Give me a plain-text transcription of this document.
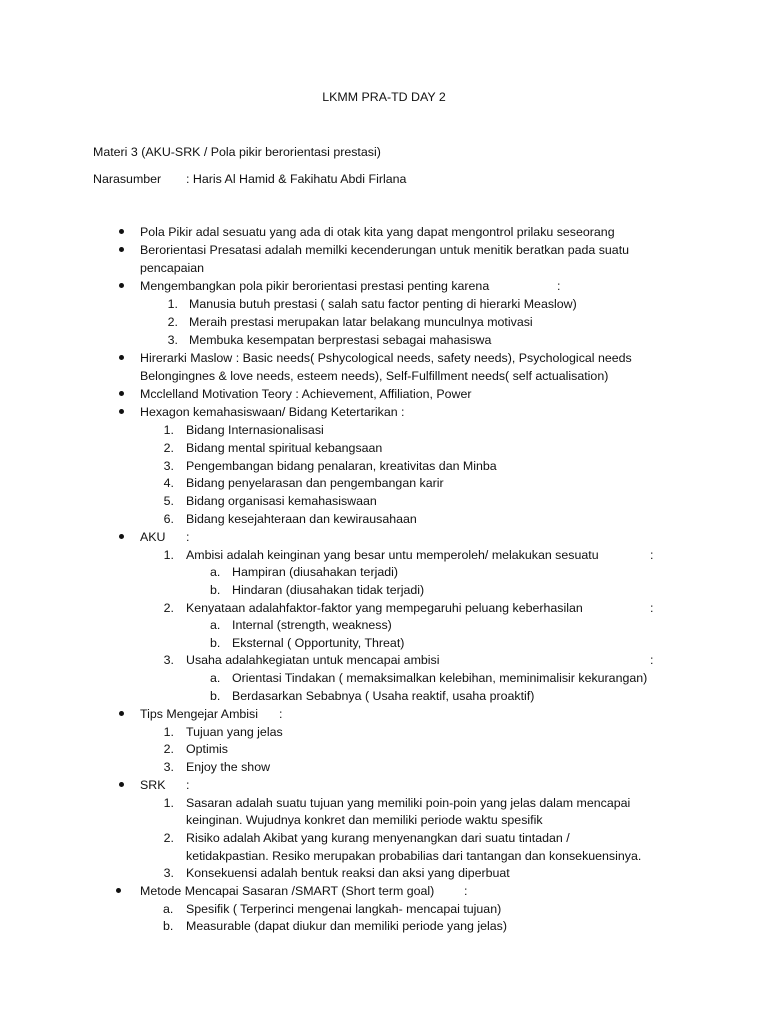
LKMM PRA-TD DAY 2
Materi 3 (AKU-SRK / Pola pikir berorientasi prestasi)
Narasumber : Haris Al Hamid & Fakihatu Abdi Firlana
Pola Pikir adal sesuatu yang ada di otak kita yang dapat mengontrol prilaku seseorang
Berorientasi Presatasi adalah memilki kecenderungan untuk menitik beratkan pada suatu
pencapaian
Mengembangkan pola pikir berorientasi prestasi penting karena	:
1. Manusia butuh prestasi ( salah satu factor penting di hierarki Measlow)
2. Meraih prestasi merupakan latar belakang munculnya motivasi
3. Membuka kesempatan berprestasi sebagai mahasiswa
Hirerarki Maslow : Basic needs( Pshycological needs, safety needs), Psychological needs
Belongingnes & love needs, esteem needs), Self-Fulfillment needs( self actualisation)
Mcclelland Motivation Teory : Achievement, Affiliation, Power
Hexagon kemahasiswaan/ Bidang Ketertarikan :
1. Bidang Internasionalisasi
2. Bidang mental spiritual kebangsaan
3. Pengembangan bidang penalaran, kreativitas dan Minba
4. Bidang penyelarasan dan pengembangan karir
5. Bidang organisasi kemahasiswaan
6. Bidang kesejahteraan dan kewirausahaan
AKU :
1. Ambisi adalah keinginan yang besar untu memperoleh/ melakukan sesuatu	:
a. Hampiran (diusahakan terjadi)
b. Hindaran (diusahakan tidak terjadi)
2. Kenyataan adalahfaktor-faktor yang mempegaruhi peluang keberhasilan	:
a. Internal (strength, weakness)
b. Eksternal ( Opportunity, Threat)
3. Usaha adalahkegiatan untuk mencapai ambisi	:
a. Orientasi Tindakan ( memaksimalkan kelebihan, meminimalisir kekurangan)
b. Berdasarkan Sebabnya ( Usaha reaktif, usaha proaktif)
Tips Mengejar Ambisi :
1. Tujuan yang jelas
2. Optimis
3. Enjoy the show
SRK :
1. Sasaran adalah suatu tujuan yang memiliki poin-poin yang jelas dalam mencapai
keinginan. Wujudnya konkret dan memiliki periode waktu spesifik
2. Risiko adalah Akibat yang kurang menyenangkan dari suatu tintadan /
ketidakpastian. Resiko merupakan probabilias dari tantangan dan konsekuensinya.
3. Konsekuensi adalah bentuk reaksi dan aksi yang diperbuat
Metode Mencapai Sasaran /SMART (Short term goal) :
a. Spesifik ( Terperinci mengenai langkah- mencapai tujuan)
b. Measurable (dapat diukur dan memiliki periode yang jelas)
